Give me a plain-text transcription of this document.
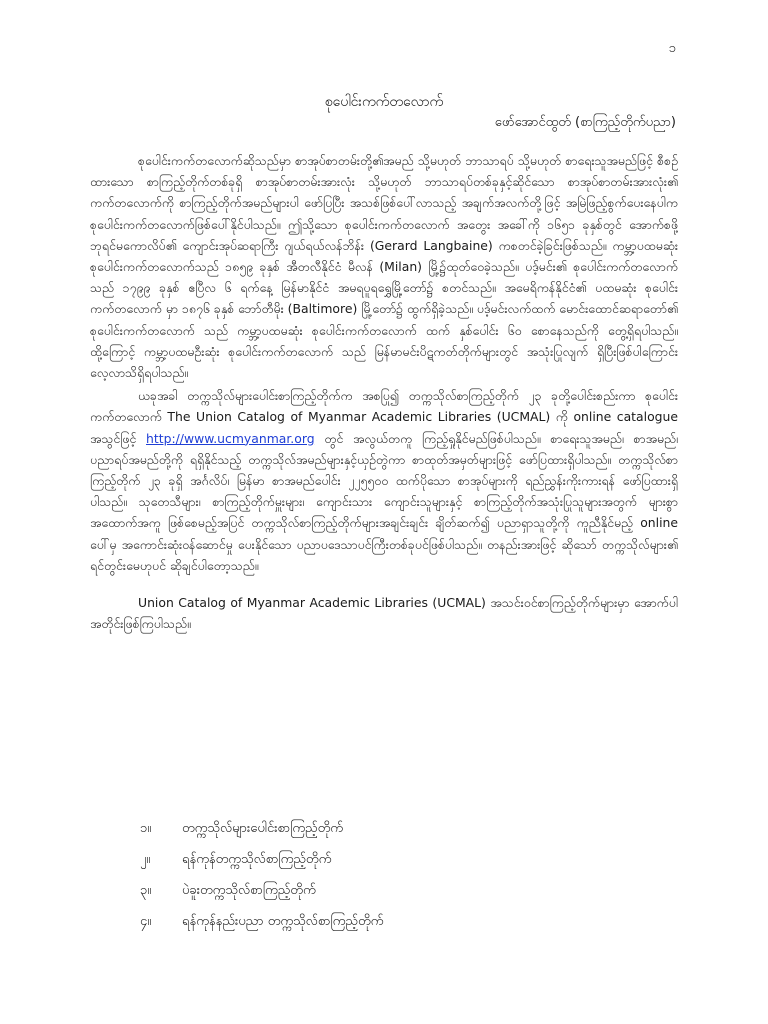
၁
စုပေါင်းကက်တလောက်
ဖော်အောင်ထွတ် (စာကြည့်တိုက်ပညာ)

စုပေါင်းကက်တလောက်ဆိုသည်မှာ စာအုပ်စာတမ်းတို့၏အမည် သို့မဟုတ် ဘာသာရပ် သို့မဟုတ် စာရေးသူအမည်ဖြင့် စီစဉ်ထားသော စာကြည့်တိုက်တစ်ခုရှိ စာအုပ်စာတမ်းအားလုံး သို့မဟုတ် ဘာသာရပ်တစ်ခုနှင့်ဆိုင်သော စာအုပ်စာတမ်းအားလုံး၏ ကက်တလောက်ကို စာကြည့်တိုက်အမည်များပါ ဖော်ပြပြီး အသစ်ဖြစ်ပေါ်လာသည့် အချက်အလက်တို့ဖြင့် အမြဲဖြည့်စွက်ပေးနေပါက စုပေါင်းကက်တလောက်ဖြစ်ပေါ်နိုင်ပါသည်။ ဤသို့သော စုပေါင်းကက်တလောက် အတွေး အခေါ်ကို ၁၆၅၁ ခုနှစ်တွင် အောက်စဖို့ ဘုရင်မကောလိပ်၏ ကျောင်းအုပ်ဆရာကြီး ဂျယ်ရယ်လန်ဘိန်း (Gerard Langbaine) ကစတင်ခဲ့ခြင်းဖြစ်သည်။ ကမ္ဘာ့ပထမဆုံး စုပေါင်းကက်တလောက်သည် ၁၈၅၉ ခုနှစ် အီတလီနိုင်ငံ မီလန် (Milan) မြို့၌ထုတ်ဝေခဲ့သည်။ ပဒ့်မင်း၏ စုပေါင်းကက်တလောက်သည် ၁၇၉၉ ခုနှစ် ဧပြီလ ၆ ရက်နေ့ မြန်မာနိုင်ငံ အမရပူရရွှေမြို့တော်၌ စတင်သည်။ အမေရိကန်နိုင်ငံ၏ ပထမဆုံး စုပေါင်းကက်တလောက် မှာ ၁၈၇၆ ခုနှစ် ဘော်တီမိုး (Baltimore) မြို့တော်၌ ထွက်ရှိခဲ့သည်။ ပဒ့်မင်းလက်ထက် မောင်းထောင်ဆရာတော်၏ စုပေါင်းကက်တလောက် သည် ကမ္ဘာ့ပထမဆုံး စုပေါင်းကက်တလောက် ထက် နှစ်ပေါင်း ၆၀ စောနေသည်ကို တွေ့ရှိရပါသည်။ ထို့ကြောင့် ကမ္ဘာ့ပထမဦးဆုံး စုပေါင်းကက်တလောက် သည် မြန်မာမင်းပိဋကတ်တိုက်များတွင် အသုံးပြုလျက် ရှိပြီးဖြစ်ပါကြောင်း လေ့လာသိရှိရပါသည်။

ယခုအခါ တက္ကသိုလ်များပေါင်းစာကြည့်တိုက်က အစပြု၍ တက္ကသိုလ်စာကြည့်တိုက် ၂၃ ခုတို့ပေါင်းစည်းကာ စုပေါင်းကက်တလောက် The Union Catalog of Myanmar Academic Libraries (UCMAL) ကို online catalogue အသွင်ဖြင့် http://www.ucmyanmar.org တွင် အလွယ်တကူ ကြည့်ရှုနိုင်မည်ဖြစ်ပါသည်။ စာရေးသူအမည်၊ စာအမည်၊ ပညာရပ်အမည်တို့ကို ရရှိနိုင်သည့် တက္ကသိုလ်အမည်များနှင့်ယှဉ်တွဲကာ စာထုတ်အမှတ်များဖြင့် ဖော်ပြထားရှိပါသည်။ တက္ကသိုလ်စာ ကြည့်တိုက် ၂၃ ခုရှိ အင်္ဂလိပ်၊ မြန်မာ စာအမည်ပေါင်း ၂၂၅၅၀၀ ထက်ပိုသော စာအုပ်များကို ရည်ညွှန်းကိုးကားရန် ဖော်ပြထားရှိပါသည်။ သုတေသီများ၊ စာကြည့်တိုက်မှူးများ၊ ကျောင်းသား ကျောင်းသူများနှင့် စာကြည့်တိုက်အသုံးပြုသူများအတွက် များစွာအထောက်အကူ ဖြစ်စေမည့်အပြင် တက္ကသိုလ်စာကြည့်တိုက်များအချင်းချင်း ချိတ်ဆက်၍ ပညာရှာသူတို့ကို ကူညီနိုင်မည့် online ပေါ်မှ အကောင်းဆုံးဝန်ဆောင်မှု ပေးနိုင်သော ပညာပဒေသာပင်ကြီးတစ်ခုပင်ဖြစ်ပါသည်။ တနည်းအားဖြင့် ဆိုသော် တက္ကသိုလ်များ၏ ရင်တွင်းမေဟုပင် ဆိုချင်ပါတော့သည်။

Union Catalog of Myanmar Academic Libraries (UCMAL) အသင်းဝင်စာကြည့်တိုက်များမှာ အောက်ပါအတိုင်းဖြစ်ကြပါသည်။

၁။	တက္ကသိုလ်များပေါင်းစာကြည့်တိုက်
၂။	ရန်ကုန်တက္ကသိုလ်စာကြည့်တိုက်
၃။	ပဲခူးတက္ကသိုလ်စာကြည့်တိုက်
၄။	ရန်ကုန်နည်းပညာ တက္ကသိုလ်စာကြည့်တိုက်
